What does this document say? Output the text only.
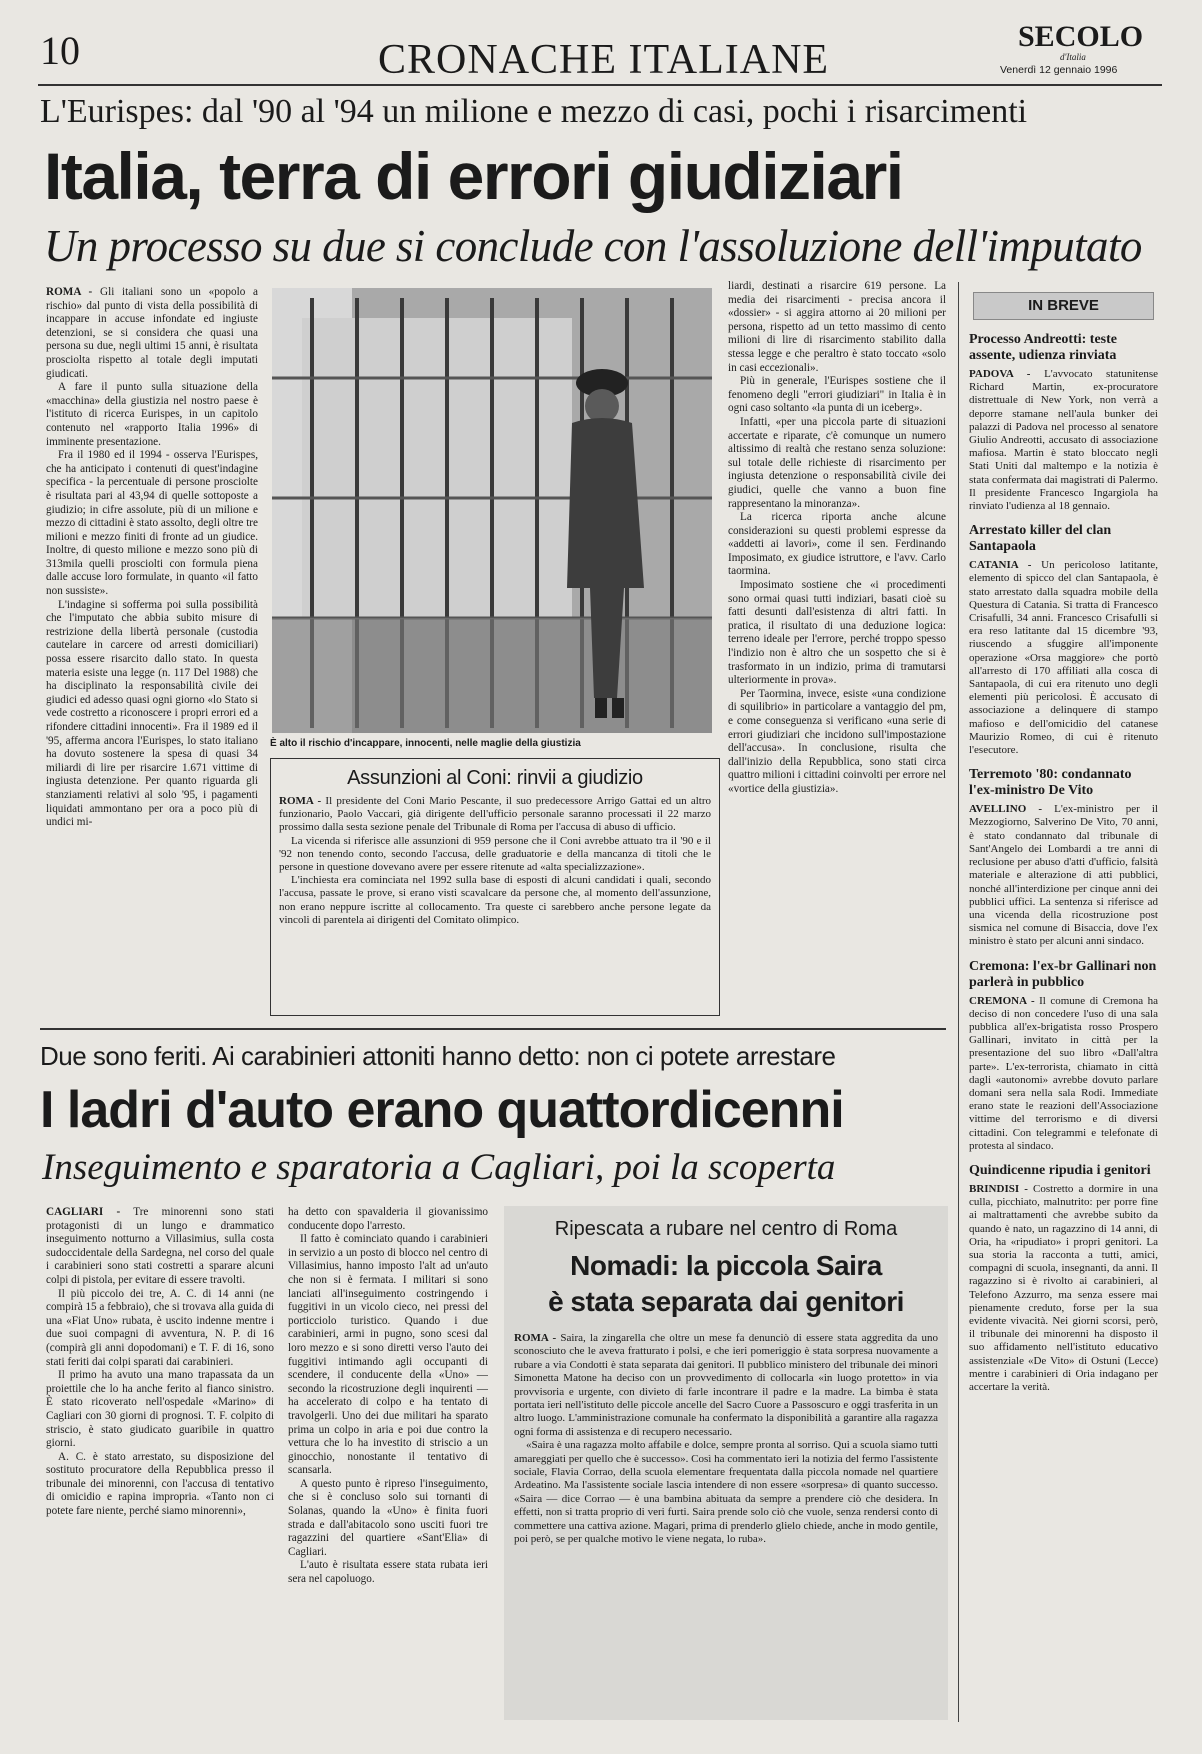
10	CRONACHE ITALIANE
SECOLO
d'Italia
Venerdì 12 gennaio 1996
L'Eurispes: dal '90 al '94 un milione e mezzo di casi, pochi i risarcimenti
Italia, terra di errori giudiziari
Un processo su due si conclude con l'assoluzione dell'imputato

ROMA - Gli italiani sono un «popolo a rischio» dal punto di vista della possibilità di incappare in accuse infondate ed ingiuste detenzioni, se si considera che quasi una persona su due, negli ultimi 15 anni, è risultata prosciolta rispetto al totale degli imputati giudicati.

A fare il punto sulla situazione della «macchina» della giustizia nel nostro paese è l'istituto di ricerca Eurispes, in un capitolo contenuto nel «rapporto Italia 1996» di imminente presentazione.

Fra il 1980 ed il 1994 - osserva l'Eurispes, che ha anticipato i contenuti di quest'indagine specifica - la percentuale di persone prosciolte è risultata pari al 43,94 di quelle sottoposte a giudizio; in cifre assolute, più di un milione e mezzo di cittadini è stato assolto, degli oltre tre milioni e mezzo finiti di fronte ad un giudice. Inoltre, di questo milione e mezzo sono più di 313mila quelli prosciolti con formula piena dalle accuse loro formulate, in quanto «il fatto non sussiste».

L'indagine si sofferma poi sulla possibilità che l'imputato che abbia subito misure di restrizione della libertà personale (custodia cautelare in carcere od arresti domiciliari) possa essere risarcito dallo stato. In questa materia esiste una legge (n. 117 Del 1988) che ha disciplinato la responsabilità civile dei giudici ed adesso quasi ogni giorno «lo Stato si vede costretto a riconoscere i propri errori ed a rifondere cittadini innocenti». Fra il 1989 ed il '95, afferma ancora l'Eurispes, lo stato italiano ha dovuto sostenere la spesa di quasi 34 miliardi di lire per risarcire 1.671 vittime di ingiusta detenzione. Per quanto riguarda gli stanziamenti relativi al solo '95, i pagamenti liquidati ammontano per ora a poco più di undici mi-

È alto il rischio d'incappare, innocenti, nelle maglie della giustizia

liardi, destinati a risarcire 619 persone. La media dei risarcimenti - precisa ancora il «dossier» - si aggira attorno ai 20 milioni per persona, rispetto ad un tetto massimo di cento milioni di lire di risarcimento stabilito dalla stessa legge e che peraltro è stato toccato «solo in casi eccezionali».

Più in generale, l'Eurispes sostiene che il fenomeno degli "errori giudiziari" in Italia è in ogni caso soltanto «la punta di un iceberg».

Infatti, «per una piccola parte di situazioni accertate e riparate, c'è comunque un numero altissimo di realtà che restano senza soluzione: sul totale delle richieste di risarcimento per ingiusta detenzione o responsabilità civile dei giudici, quelle che vanno a buon fine rappresentano la minoranza».

La ricerca riporta anche alcune considerazioni su questi problemi espresse da «addetti ai lavori», come il sen. Ferdinando Imposimato, ex giudice istruttore, e l'avv. Carlo taormina.

Imposimato sostiene che «i procedimenti sono ormai quasi tutti indiziari, basati cioè su fatti desunti dall'esistenza di altri fatti. In pratica, il risultato di una deduzione logica: terreno ideale per l'errore, perché troppo spesso l'indizio non è altro che un sospetto che si è trasformato in un indizio, prima di tramutarsi ulteriormente in prova».

Per Taormina, invece, esiste «una condizione di squilibrio» in particolare a vantaggio del pm, e come conseguenza si verificano «una serie di errori giudiziari che incidono sull'impostazione dell'accusa». In conclusione, risulta che dall'inizio della Repubblica, sono stati circa quattro milioni i cittadini coinvolti per errore nel «vortice della giustizia».

Assunzioni al Coni: rinvii a giudizio

ROMA - Il presidente del Coni Mario Pescante, il suo predecessore Arrigo Gattai ed un altro funzionario, Paolo Vaccari, già dirigente dell'ufficio personale saranno processati il 22 marzo prossimo dalla sesta sezione penale del Tribunale di Roma per l'accusa di abuso di ufficio.

La vicenda si riferisce alle assunzioni di 959 persone che il Coni avrebbe attuato tra il '90 e il '92 non tenendo conto, secondo l'accusa, delle graduatorie e della mancanza di titoli che le persone in questione dovevano avere per essere ritenute ad «alta specializzazione».

L'inchiesta era cominciata nel 1992 sulla base di esposti di alcuni candidati i quali, secondo l'accusa, passate le prove, si erano visti scavalcare da persone che, al momento dell'assunzione, non erano neppure iscritte al collocamento. Tra queste ci sarebbero anche persone legate da vincoli di parentela ai dirigenti del Comitato olimpico.

IN BREVE
Processo Andreotti: teste assente, udienza rinviata
PADOVA - L'avvocato statunitense Richard Martin, ex-procuratore distrettuale di New York, non verrà a deporre stamane nell'aula bunker dei palazzi di Padova nel processo al senatore Giulio Andreotti, accusato di associazione mafiosa. Martin è stato bloccato negli Stati Uniti dal maltempo e la notizia è stata confermata dai magistrati di Palermo. Il presidente Francesco Ingargiola ha rinviato l'udienza al 18 gennaio.
Arrestato killer del clan Santapaola
CATANIA - Un pericoloso latitante, elemento di spicco del clan Santapaola, è stato arrestato dalla squadra mobile della Questura di Catania. Si tratta di Francesco Crisafulli, 34 anni. Francesco Crisafulli si era reso latitante dal 15 dicembre '93, riuscendo a sfuggire all'imponente operazione «Orsa maggiore» che portò all'arresto di 170 affiliati alla cosca di Santapaola, di cui era ritenuto uno degli elementi più pericolosi. È accusato di associazione a delinquere di stampo mafioso e dell'omicidio del catanese Maurizio Romeo, di cui è ritenuto l'esecutore.
Terremoto '80: condannato l'ex-ministro De Vito
AVELLINO - L'ex-ministro per il Mezzogiorno, Salverino De Vito, 70 anni, è stato condannato dal tribunale di Sant'Angelo dei Lombardi a tre anni di reclusione per abuso d'atti d'ufficio, falsità materiale e alterazione di atti pubblici, nonché all'interdizione per cinque anni dei pubblici uffici. La sentenza si riferisce ad una vicenda della ricostruzione post sismica nel comune di Bisaccia, dove l'ex ministro è stato per alcuni anni sindaco.
Cremona: l'ex-br Gallinari non parlerà in pubblico
CREMONA - Il comune di Cremona ha deciso di non concedere l'uso di una sala pubblica all'ex-brigatista rosso Prospero Gallinari, invitato in città per la presentazione del suo libro «Dall'altra parte». L'ex-terrorista, chiamato in città dagli «autonomi» avrebbe dovuto parlare domani sera nella sala Rodi. Immediate erano state le reazioni dell'Associazione vittime del terrorismo e di diversi cittadini. Con telegrammi e telefonate di protesta al sindaco.
Quindicenne ripudia i genitori
BRINDISI - Costretto a dormire in una culla, picchiato, malnutrito: per porre fine ai maltrattamenti che avrebbe subito da quando è nato, un ragazzino di 14 anni, di Oria, ha «ripudiato» i propri genitori. La sua storia la racconta a tutti, amici, compagni di scuola, insegnanti, da anni. Il ragazzino si è rivolto ai carabinieri, al Telefono Azzurro, ma senza essere mai pienamente creduto, forse per la sua evidente vivacità. Nei giorni scorsi, però, il tribunale dei minorenni ha disposto il suo affidamento nell'istituto educativo assistenziale «De Vito» di Ostuni (Lecce) mentre i carabinieri di Oria indagano per accertare la verità.
Due sono feriti. Ai carabinieri attoniti hanno detto: non ci potete arrestare
I ladri d'auto erano quattordicenni
Inseguimento e sparatoria a Cagliari, poi la scoperta

CAGLIARI - Tre minorenni sono stati protagonisti di un lungo e drammatico inseguimento notturno a Villasimius, sulla costa sudoccidentale della Sardegna, nel corso del quale i carabinieri sono stati costretti a sparare alcuni colpi di pistola, per evitare di essere travolti.

Il più piccolo dei tre, A. C. di 14 anni (ne compirà 15 a febbraio), che si trovava alla guida di una «Fiat Uno» rubata, è uscito indenne mentre i due suoi compagni di avventura, N. P. di 16 (compirà gli anni dopodomani) e T. F. di 16, sono stati feriti dai colpi sparati dai carabinieri.

Il primo ha avuto una mano trapassata da un proiettile che lo ha anche ferito al fianco sinistro. È stato ricoverato nell'ospedale «Marino» di Cagliari con 30 giorni di prognosi. T. F. colpito di striscio, è stato giudicato guaribile in quattro giorni.

A. C. è stato arrestato, su disposizione del sostituto procuratore della Repubblica presso il tribunale dei minorenni, con l'accusa di tentativo di omicidio e rapina impropria. «Tanto non ci potete fare niente, perché siamo minorenni»,

ha detto con spavalderia il giovanissimo conducente dopo l'arresto.

Il fatto è cominciato quando i carabinieri in servizio a un posto di blocco nel centro di Villasimius, hanno imposto l'alt ad un'auto che non si è fermata. I militari si sono lanciati all'inseguimento costringendo i fuggitivi in un vicolo cieco, nei pressi del porticciolo turistico. Quando i due carabinieri, armi in pugno, sono scesi dal loro mezzo e si sono diretti verso l'auto dei fuggitivi intimando agli occupanti di scendere, il conducente della «Uno» — secondo la ricostruzione degli inquirenti — ha accelerato di colpo e ha tentato di travolgerli. Uno dei due militari ha sparato prima un colpo in aria e poi due contro la vettura che lo ha investito di striscio a un ginocchio, nonostante il tentativo di scansarla.

A questo punto è ripreso l'inseguimento, che si è concluso solo sui tornanti di Solanas, quando la «Uno» è finita fuori strada e dall'abitacolo sono usciti fuori tre ragazzini del quartiere «Sant'Elia» di Cagliari.

L'auto è risultata essere stata rubata ieri sera nel capoluogo.

Ripescata a rubare nel centro di Roma
Nomadi: la piccola Saira
è stata separata dai genitori

ROMA - Saira, la zingarella che oltre un mese fa denunciò di essere stata aggredita da uno sconosciuto che le aveva fratturato i polsi, e che ieri pomeriggio è stata sorpresa nuovamente a rubare a via Condotti è stata separata dai genitori. Il pubblico ministero del tribunale dei minori Simonetta Matone ha deciso con un provvedimento di collocarla «in luogo protetto» in via provvisoria e urgente, con divieto di farle incontrare il padre e la madre. La bimba è stata portata ieri nell'istituto delle piccole ancelle del Sacro Cuore a Passoscuro e oggi trasferita in un altro luogo. L'amministrazione comunale ha confermato la disponibilità a garantire alla ragazza ogni forma di assistenza e di recupero necessario.

«Saira è una ragazza molto affabile e dolce, sempre pronta al sorriso. Qui a scuola siamo tutti amareggiati per quello che è successo». Così ha commentato ieri la notizia del fermo l'assistente sociale, Flavia Corrao, della scuola elementare frequentata dalla piccola nomade nel quartiere Ardeatino. Ma l'assistente sociale lascia intendere di non essere «sorpresa» di quanto successo. «Saira — dice Corrao — è una bambina abituata da sempre a prendere ciò che desidera. In effetti, non si tratta proprio di veri furti. Saira prende solo ciò che vuole, senza rendersi conto di commettere una cattiva azione. Magari, prima di prenderlo glielo chiede, anche in modo gentile, poi però, se per qualche motivo le viene negata, lo ruba».
